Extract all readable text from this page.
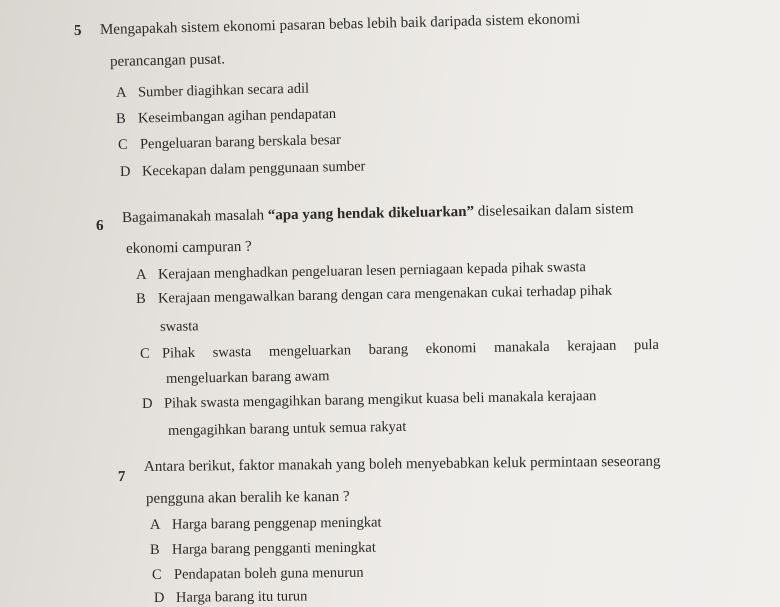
5 Mengapakah sistem ekonomi pasaran bebas lebih baik daripada sistem ekonomi
perancangan pusat.
A Sumber diagihkan secara adil
B Keseimbangan agihan pendapatan
C Pengeluaran barang berskala besar
D Kecekapan dalam penggunaan sumber
6 Bagaimanakah masalah “apa yang hendak dikeluarkan” diselesaikan dalam sistem
ekonomi campuran ?
A Kerajaan menghadkan pengeluaran lesen perniagaan kepada pihak swasta
B Kerajaan mengawalkan barang dengan cara mengenakan cukai terhadap pihak
swasta
C Pihak swasta mengeluarkan barang ekonomi manakala kerajaan pula
mengeluarkan barang awam
D Pihak swasta mengagihkan barang mengikut kuasa beli manakala kerajaan
mengagihkan barang untuk semua rakyat
7
Antara berikut, faktor manakah yang boleh menyebabkan keluk permintaan seseorang
pengguna akan beralih ke kanan ?
A Harga barang penggenap meningkat
B Harga barang pengganti meningkat
C Pendapatan boleh guna menurun
D Harga barang itu turun
